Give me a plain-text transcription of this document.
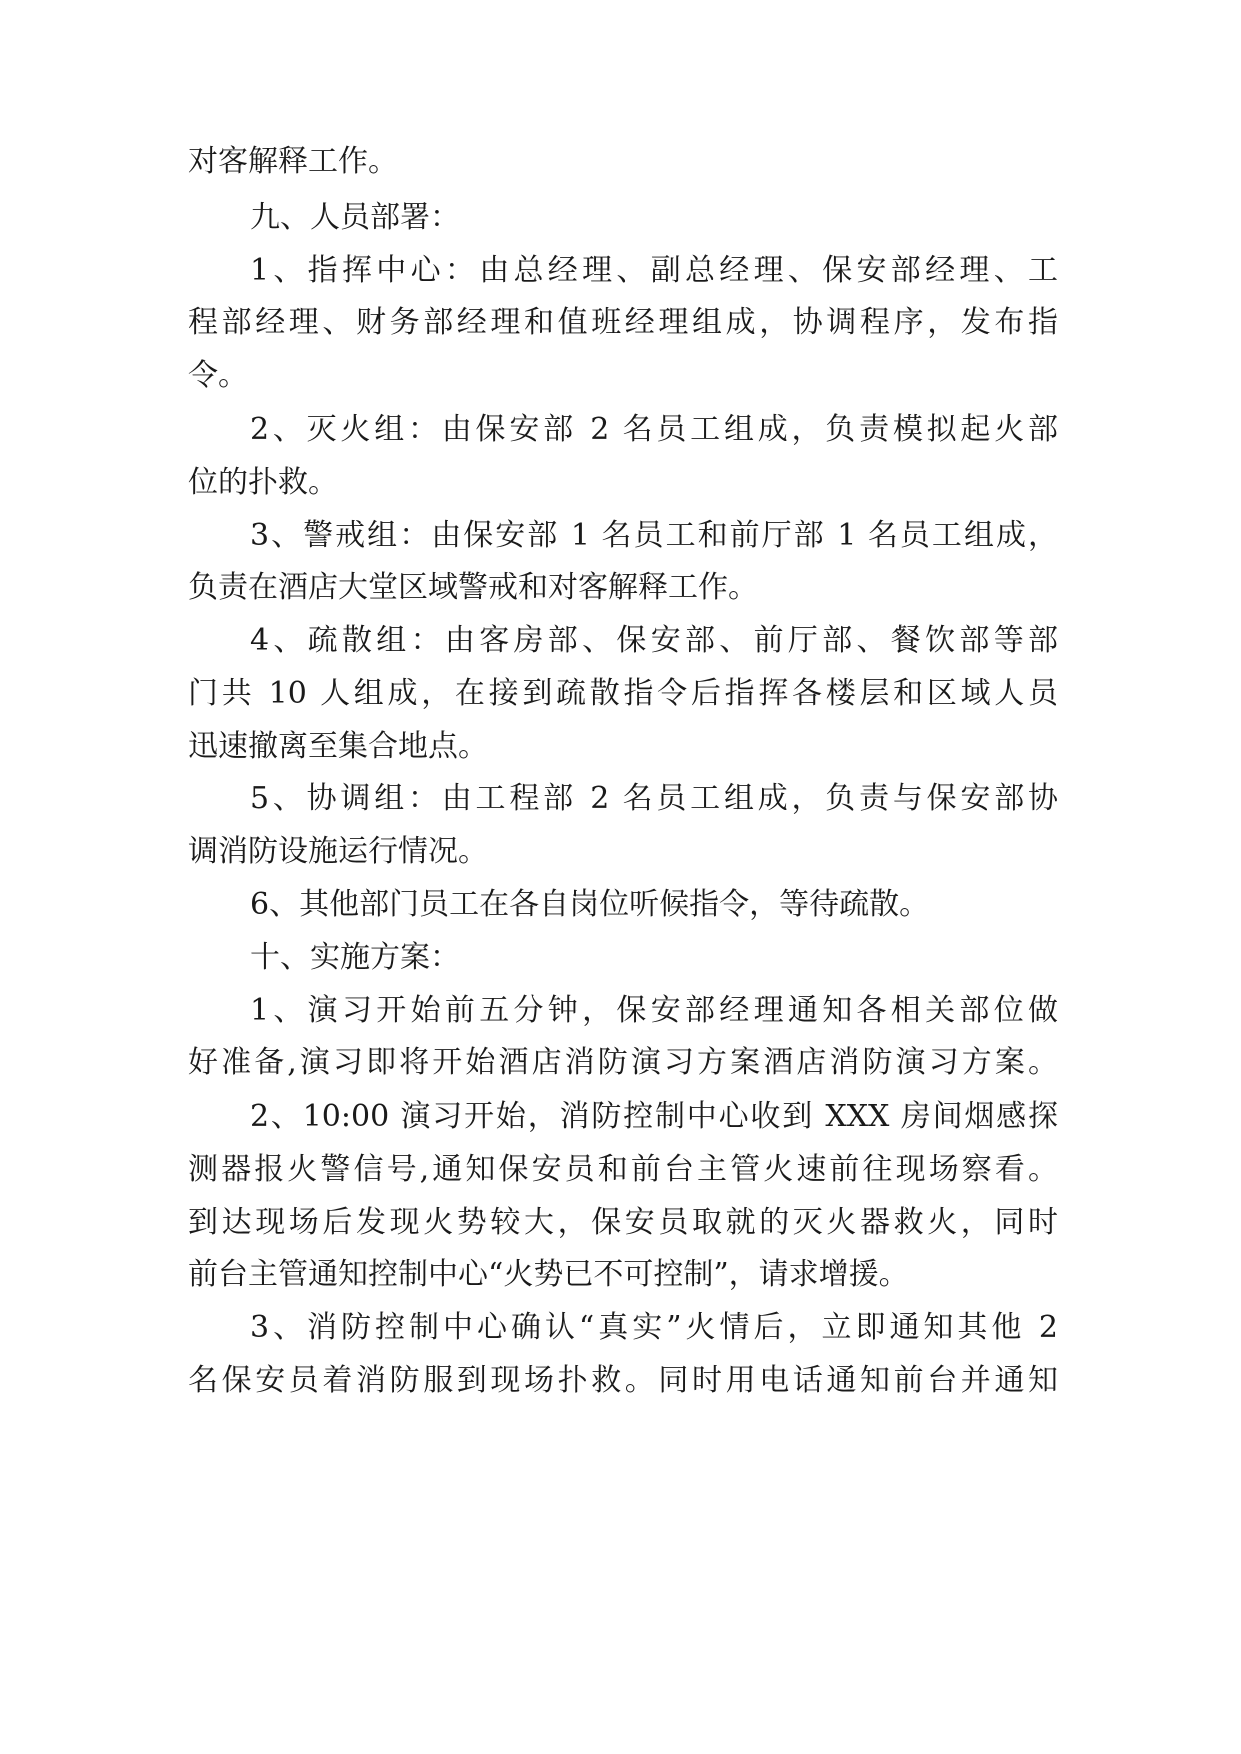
对客解释工作。
九、人员部署：
1、指挥中心：由总经理、副总经理、保安部经理、工
程部经理、财务部经理和值班经理组成，协调程序，发布指
令。
2、灭火组：由保安部 2 名员工组成，负责模拟起火部
位的扑救。
3、警戒组：由保安部 1 名员工和前厅部 1 名员工组成，
负责在酒店大堂区域警戒和对客解释工作。
4、疏散组：由客房部、保安部、前厅部、餐饮部等部
门共 10 人组成，在接到疏散指令后指挥各楼层和区域人员
迅速撤离至集合地点。
5、协调组：由工程部 2 名员工组成，负责与保安部协
调消防设施运行情况。
6、其他部门员工在各自岗位听候指令，等待疏散。
十、实施方案：
1、演习开始前五分钟，保安部经理通知各相关部位做
好准备,演习即将开始酒店消防演习方案酒店消防演习方案。
2、10:00 演习开始，消防控制中心收到 XXX 房间烟感探
测器报火警信号,通知保安员和前台主管火速前往现场察看。
到达现场后发现火势较大，保安员取就的灭火器救火，同时
前台主管通知控制中心“火势已不可控制”，请求增援。
3、消防控制中心确认“真实”火情后，立即通知其他 2
名保安员着消防服到现场扑救。同时用电话通知前台并通知
